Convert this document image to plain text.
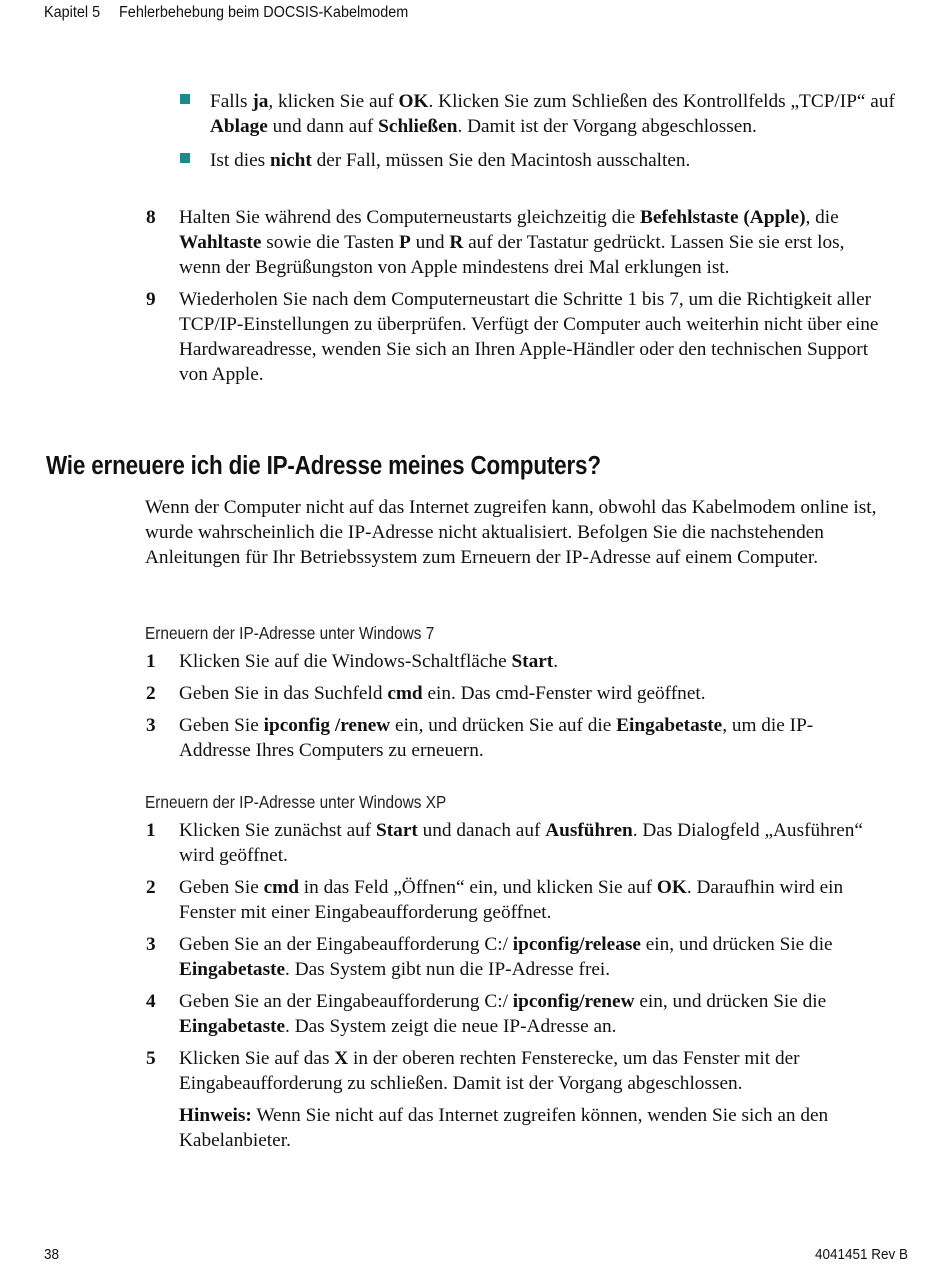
Kapitel 5 Fehlerbehebung beim DOCSIS-Kabelmodem
Falls ja, klicken Sie auf OK. Klicken Sie zum Schließen des Kontrollfelds „TCP/IP“ auf Ablage und dann auf Schließen. Damit ist der Vorgang abgeschlossen.
Ist dies nicht der Fall, müssen Sie den Macintosh ausschalten.
8 Halten Sie während des Computerneustarts gleichzeitig die Befehlstaste (Apple), die Wahltaste sowie die Tasten P und R auf der Tastatur gedrückt. Lassen Sie sie erst los, wenn der Begrüßungston von Apple mindestens drei Mal erklungen ist.
9 Wiederholen Sie nach dem Computerneustart die Schritte 1 bis 7, um die Richtigkeit aller TCP/IP-Einstellungen zu überprüfen. Verfügt der Computer auch weiterhin nicht über eine Hardwareadresse, wenden Sie sich an Ihren Apple-Händler oder den technischen Support von Apple.
Wie erneuere ich die IP-Adresse meines Computers?
Wenn der Computer nicht auf das Internet zugreifen kann, obwohl das Kabelmodem online ist, wurde wahrscheinlich die IP-Adresse nicht aktualisiert. Befolgen Sie die nachstehenden Anleitungen für Ihr Betriebssystem zum Erneuern der IP-Adresse auf einem Computer.
Erneuern der IP-Adresse unter Windows 7
1 Klicken Sie auf die Windows-Schaltfläche Start.
2 Geben Sie in das Suchfeld cmd ein. Das cmd-Fenster wird geöffnet.
3 Geben Sie ipconfig /renew ein, und drücken Sie auf die Eingabetaste, um die IP-Addresse Ihres Computers zu erneuern.
Erneuern der IP-Adresse unter Windows XP
1 Klicken Sie zunächst auf Start und danach auf Ausführen. Das Dialogfeld „Ausführen“ wird geöffnet.
2 Geben Sie cmd in das Feld „Öffnen“ ein, und klicken Sie auf OK. Daraufhin wird ein Fenster mit einer Eingabeaufforderung geöffnet.
3 Geben Sie an der Eingabeaufforderung C:/ ipconfig/release ein, und drücken Sie die Eingabetaste. Das System gibt nun die IP-Adresse frei.
4 Geben Sie an der Eingabeaufforderung C:/ ipconfig/renew ein, und drücken Sie die Eingabetaste. Das System zeigt die neue IP-Adresse an.
5 Klicken Sie auf das X in der oberen rechten Fensterecke, um das Fenster mit der Eingabeaufforderung zu schließen. Damit ist der Vorgang abgeschlossen.
Hinweis: Wenn Sie nicht auf das Internet zugreifen können, wenden Sie sich an den Kabelanbieter.
38	4041451 Rev B
